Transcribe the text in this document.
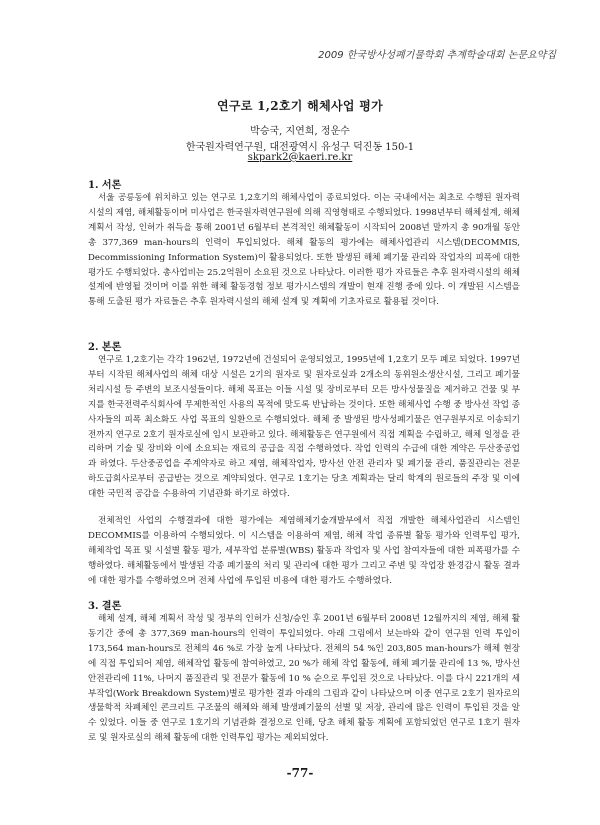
2009 한국방사성폐기물학회 추계학술대회 논문요약집
연구로 1,2호기 해체사업 평가
박승국, 지연희, 정운수
한국원자력연구원, 대전광역시 유성구 덕진동 150-1
skpark2@kaeri.re.kr
1. 서론

서울 공릉동에 위치하고 있는 연구로 1,2호기의 해체사업이 종료되었다. 이는 국내에서는 최초로 수행된 원자력시설의 제염, 해체활동이며 미사업은 한국원자력연구원에 의해 직영형태로 수행되었다. 1998년부터 해체설계, 해체계획서 작성, 인허가 취득을 통해 2001년 6월부터 본격적인 해체활동이 시작되어 2008년 말까지 총 90개월 동안 총 377,369 man-hours의 인력이 투입되었다. 해체 활동의 평가에는 해체사업관리 시스템(DECOMMIS, Decommissioning Information System)이 활용되었다. 또한 발생된 해체 폐기물 관리와 작업자의 피폭에 대한 평가도 수행되었다. 총사업비는 25.2억원이 소요된 것으로 나타났다. 이러한 평가 자료들은 추후 원자력시설의 해체설계에 반영될 것이며 이를 위한 해체 활동경험 정보 평가시스템의 개발이 현재 진행 중에 있다. 이 개발된 시스템을 통해 도출된 평가 자료들은 추후 원자력시설의 해체 설계 및 계획에 기초자료로 활용될 것이다.

2. 본론

연구로 1,2호기는 각각 1962년, 1972년에 건설되어 운영되었고, 1995년에 1,2호기 모두 폐로 되었다. 1997년부터 시작된 해체사업의 해체 대상 시설은 2기의 원자로 및 원자로실과 2개소의 동위원소생산시설, 그리고 폐기물 처리시설 등 주변의 보조시설들이다. 해체 목표는 이들 시설 및 장비로부터 모든 방사성물질을 제거하고 건물 및 부지를 한국전력주식회사에 무제한적인 사용의 목적에 맞도록 반납하는 것이다. 또한 해체사업 수행 중 방사선 작업 종사자들의 피폭 최소화도 사업 목표의 일환으로 수행되었다. 해체 중 발생된 방사성폐기물은 연구원부지로 이송되기 전까지 연구로 2호기 원자로실에 임시 보관하고 있다. 해체활동은 연구원에서 직접 계획을 수립하고, 해체 일정을 관리하며 기술 및 장비와 이에 소요되는 재료의 공급을 직접 수행하였다. 작업 인력의 수급에 대한 계약은 두산중공업과 하였다. 두산중공업을 주계약자로 하고 제염, 해체작업자, 방사선 안전 관리자 및 폐기물 관리, 품질관리는 전문 하도급회사로부터 공급받는 것으로 계약되었다. 연구로 1호기는 당초 계획과는 달리 학계의 원로들의 주장 및 이에 대한 국민적 공감을 수용하여 기념관화 하기로 하였다.

전체적인 사업의 수행결과에 대한 평가에는 제염해체기술개발부에서 직접 개발한 해체사업관리 시스템인 DECOMMIS를 이용하여 수행되었다. 이 시스템을 이용하여 제염, 해체 작업 종류별 활동 평가와 인력투입 평가, 해체작업 목표 및 시설별 활동 평가, 세부작업 분류별(WBS) 활동과 작업자 및 사업 참여자들에 대한 피폭평가를 수행하였다. 해체활동에서 발생된 각종 폐기물의 처리 및 관리에 대한 평가 그리고 주변 및 작업장 환경감시 활동 결과에 대한 평가를 수행하였으며 전체 사업에 투입된 비용에 대한 평가도 수행하였다.

3. 결론

해체 설계, 해체 계획서 작성 및 정부의 인허가 신청/승인 후 2001년 6월부터 2008년 12월까지의 제염, 해체 활동기간 중에 총 377,369 man-hours의 인력이 투입되었다. 아래 그림에서 보는바와 같이 연구원 인력 투입이 173,564 man-hours로 전체의 46 %로 가장 높게 나타났다. 전체의 54 %인 203,805 man-hours가 해체 현장에 직접 투입되어 제염, 해체작업 활동에 참여하였고, 20 %가 해체 작업 활동에, 해체 폐기물 관리에 13 %, 방사선안전관리에 11%, 나머지 품질관리 및 전문가 활동에 10 % 순으로 투입된 것으로 나타났다. 이를 다시 221개의 세부작업(Work Breakdown System)별로 평가한 결과 아래의 그림과 같이 나타났으며 이중 연구로 2호기 원자로의 생물학적 차폐체인 콘크리트 구조물의 해체와 해체 발생폐기물의 선별 및 저장, 관리에 많은 인력이 투입된 것을 알 수 있었다. 이들 중 연구로 1호기의 기념관화 결정으로 인해, 당초 해체 활동 계획에 포함되었던 연구로 1호기 원자로 및 원자로실의 해체 활동에 대한 인력투입 평가는 제외되었다.

-77-
